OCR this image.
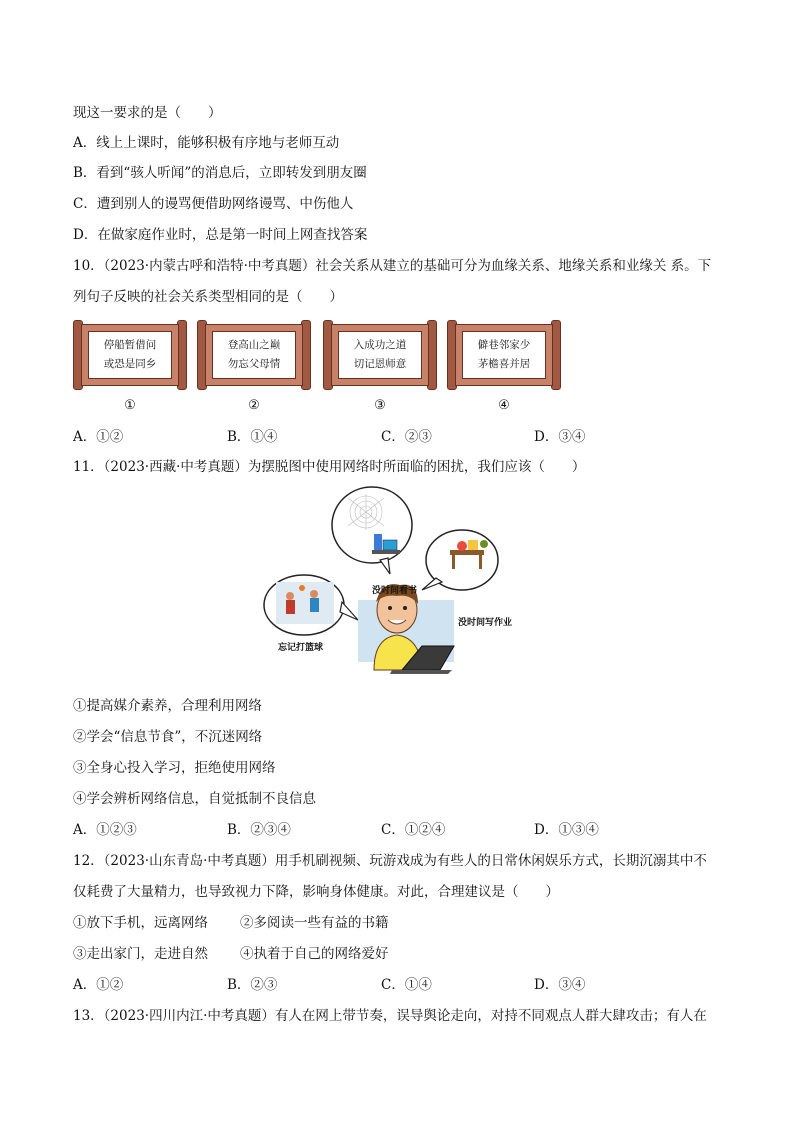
现这一要求的是（　　）
A．线上上课时，能够积极有序地与老师互动
B．看到“骇人听闻”的消息后，立即转发到朋友圈
C．遭到别人的谩骂便借助网络谩骂、中伤他人
D．在做家庭作业时，总是第一时间上网查找答案
10．（2023·内蒙古呼和浩特·中考真题）社会关系从建立的基础可分为血缘关系、地缘关系和业缘关 系。下
列句子反映的社会关系类型相同的是（　　）
停船暂借问
或恐是同乡
①
登高山之巅
勿忘父母情
②
入成功之道
切记恩师意
③
僻巷邻家少
茅檐喜并居
④
A．①②	B．①④	C．②③	D．③④
11．（2023·西藏·中考真题）为摆脱图中使用网络时所面临的困扰，我们应该（　　）
没时间看书
没时间写作业
忘记打篮球
①提高媒介素养，合理利用网络
②学会“信息节食”，不沉迷网络
③全身心投入学习，拒绝使用网络
④学会辨析网络信息，自觉抵制不良信息
A．①②③	B．②③④	C．①②④	D．①③④
12．（2023·山东青岛·中考真题）用手机刷视频、玩游戏成为有些人的日常休闲娱乐方式，长期沉溺其中不
仅耗费了大量精力，也导致视力下降，影响身体健康。对此，合理建议是（　　）
①放下手机，远离网络 ②多阅读一些有益的书籍
③走出家门，走进自然 ④执着于自己的网络爱好
A．①②	B．②③	C．①④	D．③④
13．（2023·四川内江·中考真题）有人在网上带节奏，误导舆论走向，对持不同观点人群大肆攻击；有人在
